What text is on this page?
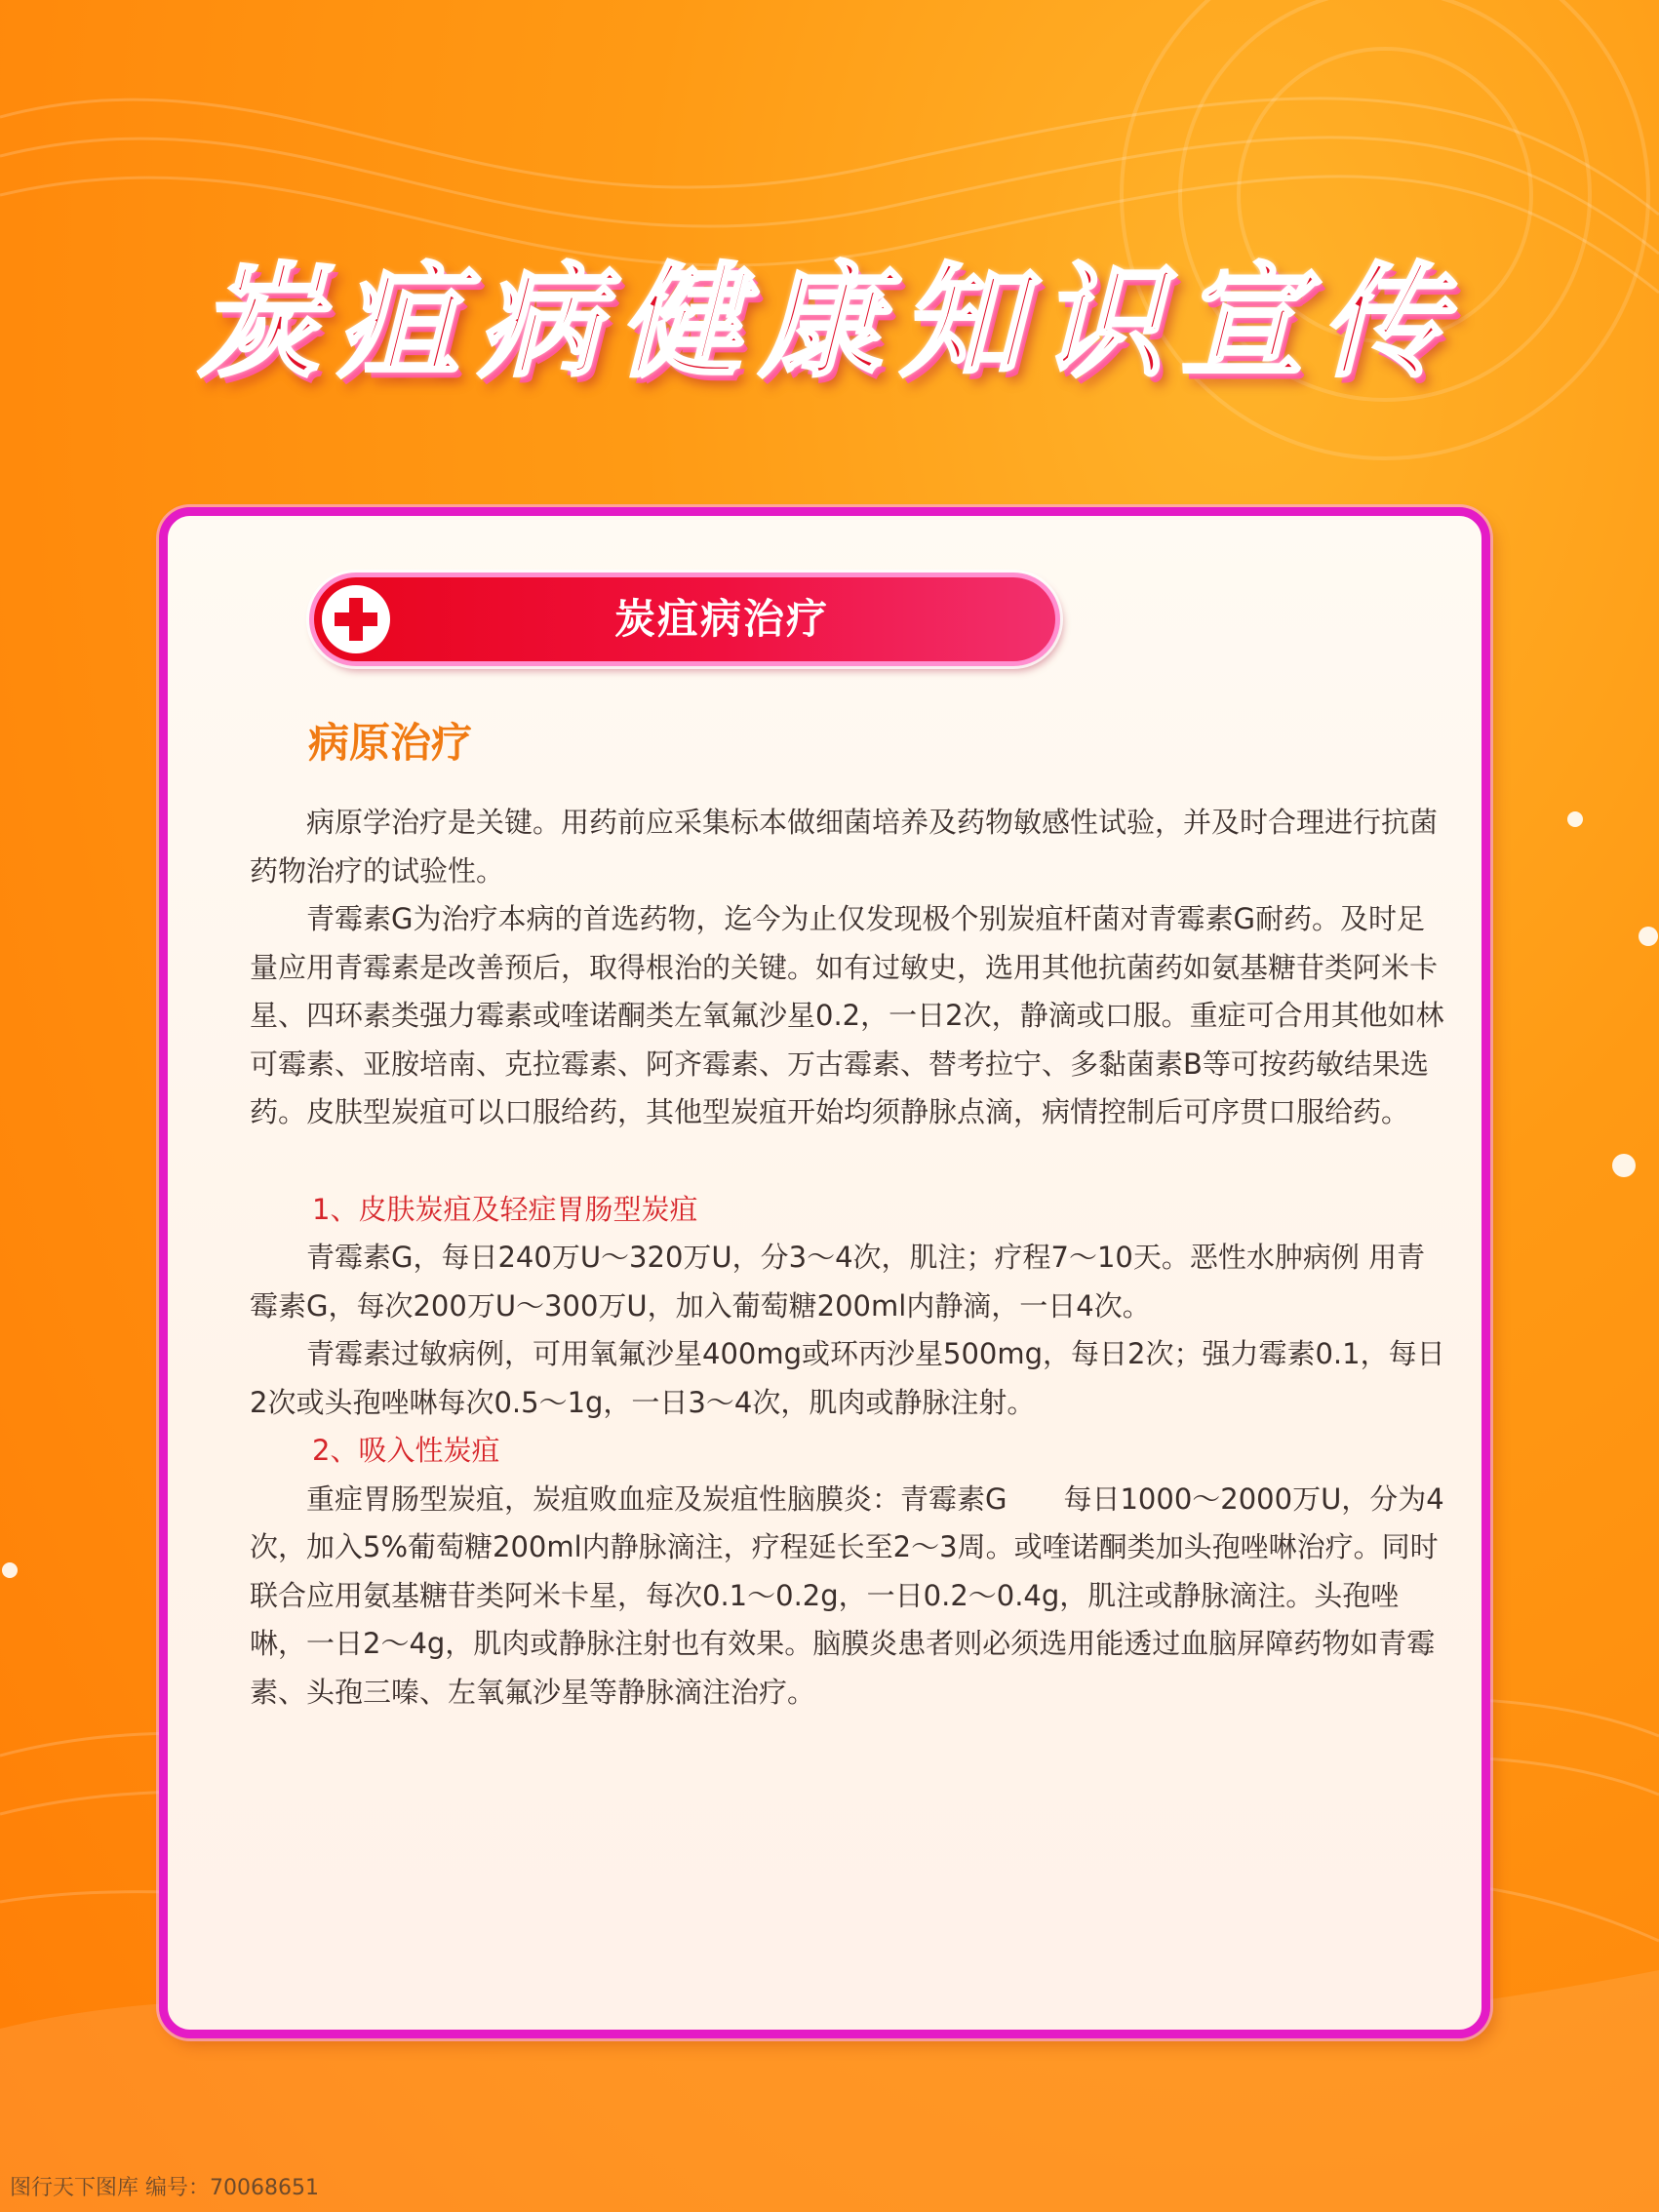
炭疽病健康知识宣传
炭疽病治疗
病原治疗

病原学治疗是关键。用药前应采集标本做细菌培养及药物敏感性试验，并及时合理进行抗菌药物治疗的试验性。

青霉素G为治疗本病的首选药物，迄今为止仅发现极个别炭疽杆菌对青霉素G耐药。及时足量应用青霉素是改善预后，取得根治的关键。如有过敏史，选用其他抗菌药如氨基糖苷类阿米卡星、四环素类强力霉素或喹诺酮类左氧氟沙星0.2，一日2次，静滴或口服。重症可合用其他如林可霉素、亚胺培南、克拉霉素、阿齐霉素、万古霉素、替考拉宁、多黏菌素B等可按药敏结果选药。皮肤型炭疽可以口服给药，其他型炭疽开始均须静脉点滴，病情控制后可序贯口服给药。

1、皮肤炭疽及轻症胃肠型炭疽

青霉素G，每日240万U～320万U，分3～4次，肌注；疗程7～10天。恶性水肿病例 用青霉素G，每次200万U～300万U，加入葡萄糖200ml内静滴，一日4次。

青霉素过敏病例，可用氧氟沙星400mg或环丙沙星500mg，每日2次；强力霉素0.1，每日2次或头孢唑啉每次0.5～1g，一日3～4次，肌肉或静脉注射。

2、吸入性炭疽

重症胃肠型炭疽，炭疽败血症及炭疽性脑膜炎：青霉素G　　每日1000～2000万U，分为4次，加入5%葡萄糖200ml内静脉滴注，疗程延长至2～3周。或喹诺酮类加头孢唑啉治疗。同时联合应用氨基糖苷类阿米卡星，每次0.1～0.2g，一日0.2～0.4g，肌注或静脉滴注。头孢唑啉，一日2～4g，肌肉或静脉注射也有效果。脑膜炎患者则必须选用能透过血脑屏障药物如青霉素、头孢三嗪、左氧氟沙星等静脉滴注治疗。

图行天下图库 编号：70068651
